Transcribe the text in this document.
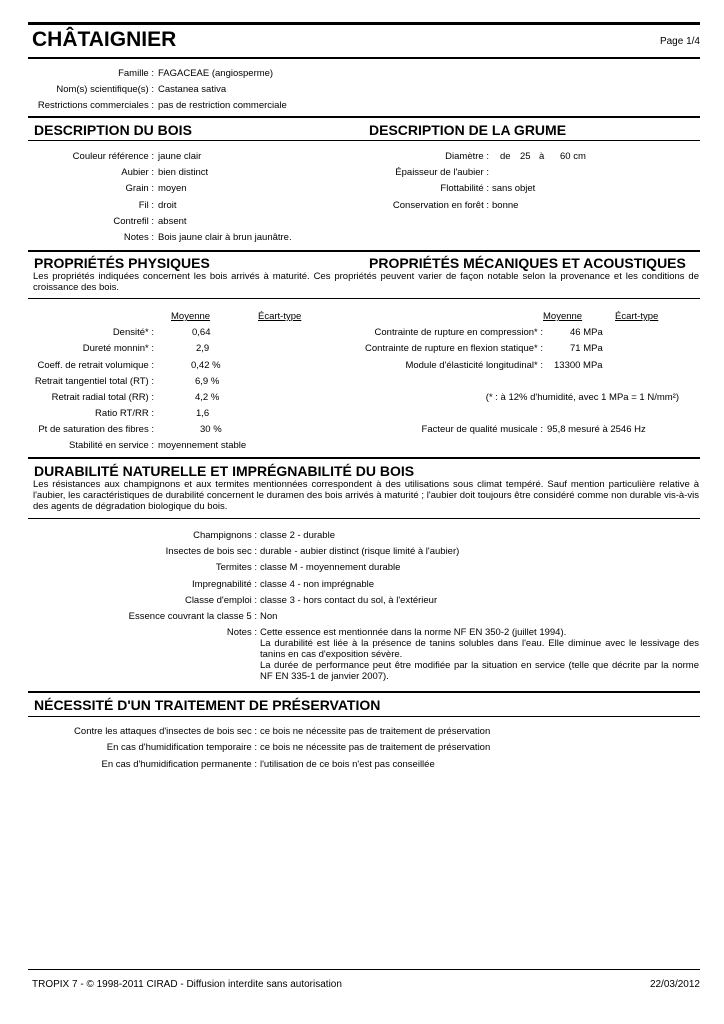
CHÂTAIGNIER	Page 1/4
Famille : FAGACEAE (angiosperme)
Nom(s) scientifique(s) : Castanea sativa
Restrictions commerciales : pas de restriction commerciale
DESCRIPTION DU BOIS	DESCRIPTION DE LA GRUME
Couleur référence : jaune clair
Aubier : bien distinct
Grain : moyen
Fil : droit
Contrefil : absent
Notes : Bois jaune clair à brun jaunâtre.
Diamètre : de 25 à 60 cm
Épaisseur de l'aubier :
Flottabilité : sans objet
Conservation en forêt : bonne
PROPRIÉTÉS PHYSIQUES	PROPRIÉTÉS MÉCANIQUES ET ACOUSTIQUES
Les propriétés indiquées concernent les bois arrivés à maturité. Ces propriétés peuvent varier de façon notable selon la provenance et les conditions de croissance des bois.
Moyenne	Écart-type	Moyenne	Écart-type
Densité* :	0,64
Dureté monnin* :	2,9
Coeff. de retrait volumique :	0,42 %
Retrait tangentiel total (RT) :	6,9 %
Retrait radial total (RR) :	4,2 %
Ratio RT/RR :	1,6
Pt de saturation des fibres :	30 %
Stabilité en service : moyennement stable
Contrainte de rupture en compression* :	46 MPa
Contrainte de rupture en flexion statique* :	71 MPa
Module d'élasticité longitudinal* : 13300 MPa
(* : à 12% d'humidité, avec 1 MPa = 1 N/mm²)
Facteur de qualité musicale : 95,8 mesuré à 2546 Hz
DURABILITÉ NATURELLE ET IMPRÉGNABILITÉ DU BOIS
Les résistances aux champignons et aux termites mentionnées correspondent à des utilisations sous climat tempéré. Sauf mention particulière relative à l'aubier, les caractéristiques de durabilité concernent le duramen des bois arrivés à maturité ; l'aubier doit toujours être considéré comme non durable vis-à-vis des agents de dégradation biologique du bois.
Champignons : classe 2 - durable
Insectes de bois sec : durable - aubier distinct (risque limité à l'aubier)
Termites : classe M - moyennement durable
Impregnabilité : classe 4 - non imprégnable
Classe d'emploi : classe 3 - hors contact du sol, à l'extérieur
Essence couvrant la classe 5 : Non
Notes : Cette essence est mentionnée dans la norme NF EN 350-2 (juillet 1994).
La durabilité est liée à la présence de tanins solubles dans l'eau. Elle diminue avec le lessivage des tanins en cas d'exposition sévère.
La durée de performance peut être modifiée par la situation en service (telle que décrite par la norme NF EN 335-1 de janvier 2007).
NÉCESSITÉ D'UN TRAITEMENT DE PRÉSERVATION
Contre les attaques d'insectes de bois sec : ce bois ne nécessite pas de traitement de préservation
En cas d'humidification temporaire : ce bois ne nécessite pas de traitement de préservation
En cas d'humidification permanente : l'utilisation de ce bois n'est pas conseillée
TROPIX 7 - © 1998-2011 CIRAD - Diffusion interdite sans autorisation	22/03/2012
